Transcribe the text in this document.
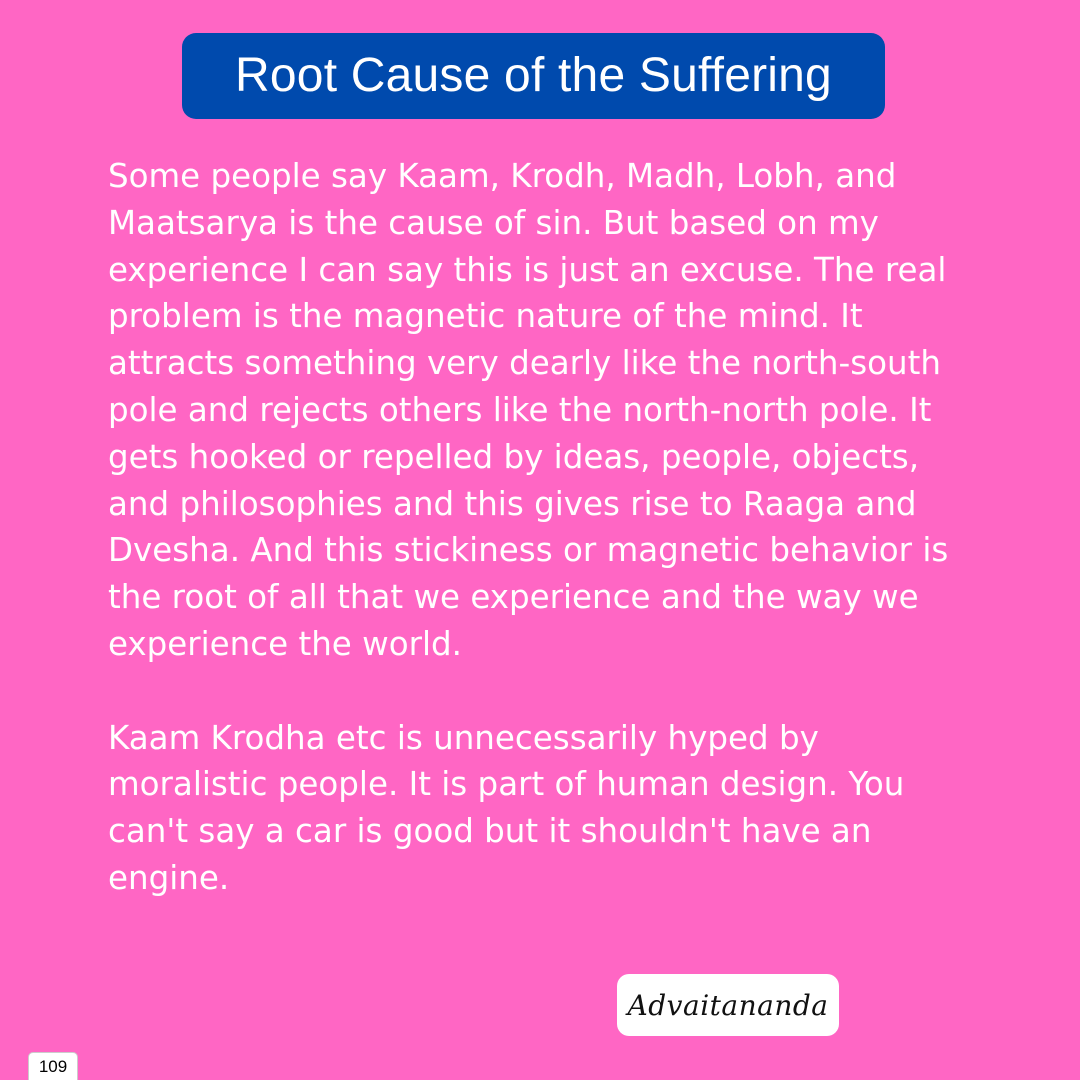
Root Cause of the Suffering

Some people say Kaam, Krodh, Madh, Lobh, and
Maatsarya is the cause of sin. But based on my
experience I can say this is just an excuse. The real
problem is the magnetic nature of the mind. It
attracts something very dearly like the north-south
pole and rejects others like the north-north pole. It
gets hooked or repelled by ideas, people, objects,
and philosophies and this gives rise to Raaga and
Dvesha. And this stickiness or magnetic behavior is
the root of all that we experience and the way we
experience the world.

Kaam Krodha etc is unnecessarily hyped by
moralistic people. It is part of human design. You
can't say a car is good but it shouldn't have an
engine.

Advaitananda
109
